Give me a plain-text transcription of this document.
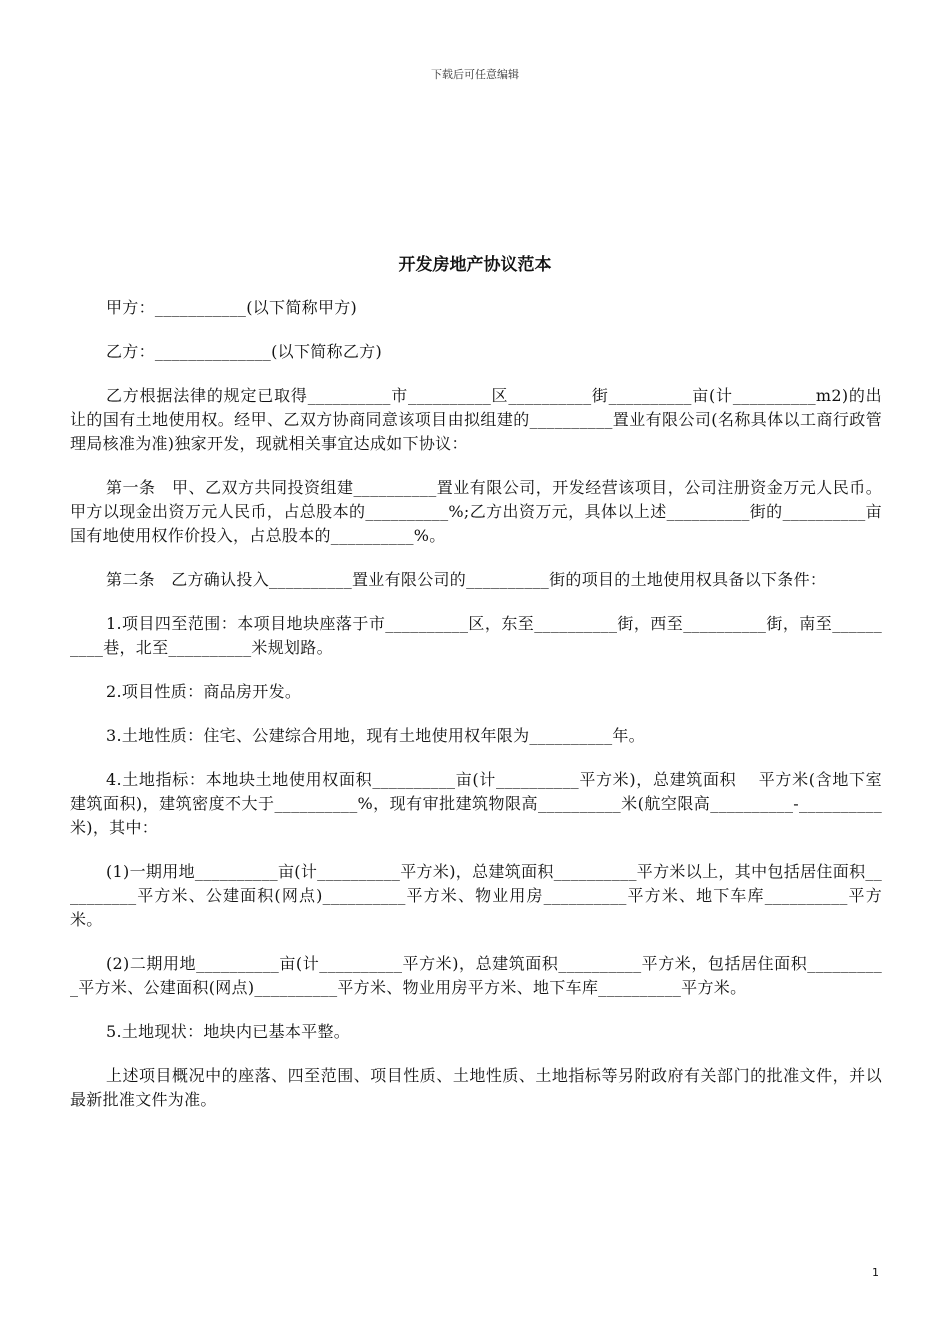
下载后可任意编辑
开发房地产协议范本

甲方：___________(以下简称甲方)

乙方：______________(以下简称乙方)

乙方根据法律的规定已取得__________市__________区__________街__________亩(计__________m2)的出让的国有土地使用权。经甲、乙双方协商同意该项目由拟组建的__________置业有限公司(名称具体以工商行政管理局核准为准)独家开发，现就相关事宜达成如下协议：

第一条　甲、乙双方共同投资组建__________置业有限公司，开发经营该项目，公司注册资金万元人民币。甲方以现金出资万元人民币，占总股本的__________%;乙方出资万元，具体以上述__________街的__________亩国有地使用权作价投入，占总股本的__________%。

第二条　乙方确认投入__________置业有限公司的__________街的项目的土地使用权具备以下条件：

1.项目四至范围：本项目地块座落于市__________区，东至__________街，西至__________街，南至__________巷，北至__________米规划路。

2.项目性质：商品房开发。

3.土地性质：住宅、公建综合用地，现有土地使用权年限为__________年。

4.土地指标：本地块土地使用权面积__________亩(计__________平方米)，总建筑面积　 平方米(含地下室建筑面积)，建筑密度不大于__________%，现有审批建筑物限高__________米(航空限高__________-__________米)，其中：

(1)一期用地__________亩(计__________平方米)，总建筑面积__________平方米以上，其中包括居住面积__________平方米、公建面积(网点)__________平方米、物业用房__________平方米、地下车库__________平方米。

(2)二期用地__________亩(计__________平方米)，总建筑面积__________平方米，包括居住面积__________平方米、公建面积(网点)__________平方米、物业用房平方米、地下车库__________平方米。

5.土地现状：地块内已基本平整。

上述项目概况中的座落、四至范围、项目性质、土地性质、土地指标等另附政府有关部门的批准文件，并以最新批准文件为准。

1
